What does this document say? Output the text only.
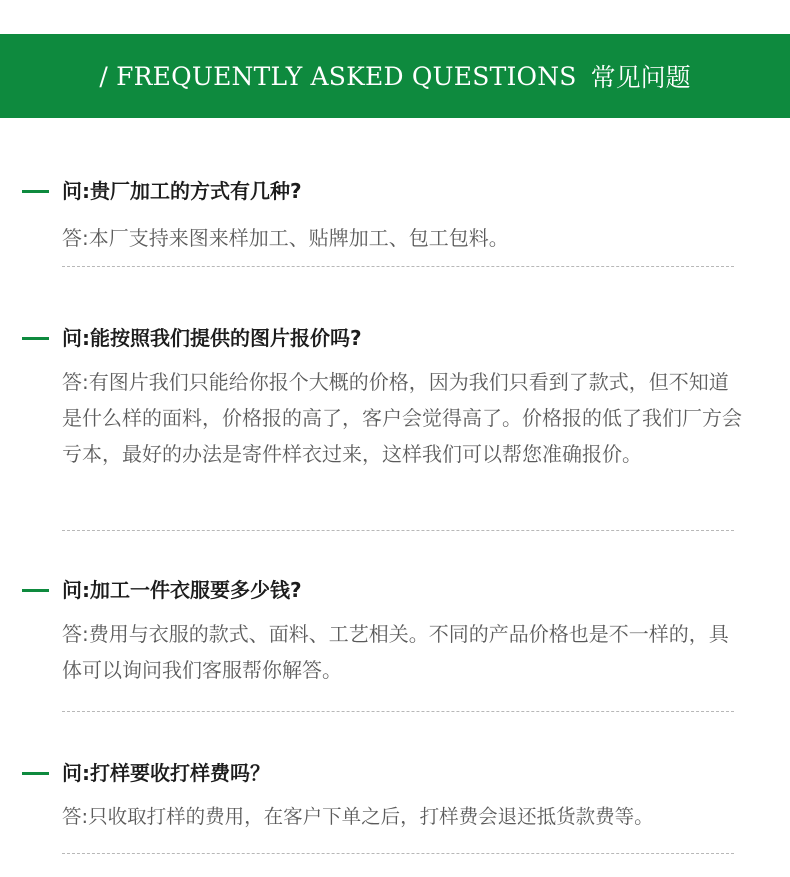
/ FREQUENTLY ASKED QUESTIONS 常见问题
问:贵厂加工的方式有几种?
答:本厂支持来图来样加工、贴牌加工、包工包料。
问:能按照我们提供的图片报价吗?
答:有图片我们只能给你报个大概的价格，因为我们只看到了款式，但不知道是什么样的面料，价格报的高了，客户会觉得高了。价格报的低了我们厂方会亏本，最好的办法是寄件样衣过来，这样我们可以帮您准确报价。
问:加工一件衣服要多少钱?
答:费用与衣服的款式、面料、工艺相关。不同的产品价格也是不一样的，具体可以询问我们客服帮你解答。
问:打样要收打样费吗？
答:只收取打样的费用，在客户下单之后，打样费会退还抵货款费等。
